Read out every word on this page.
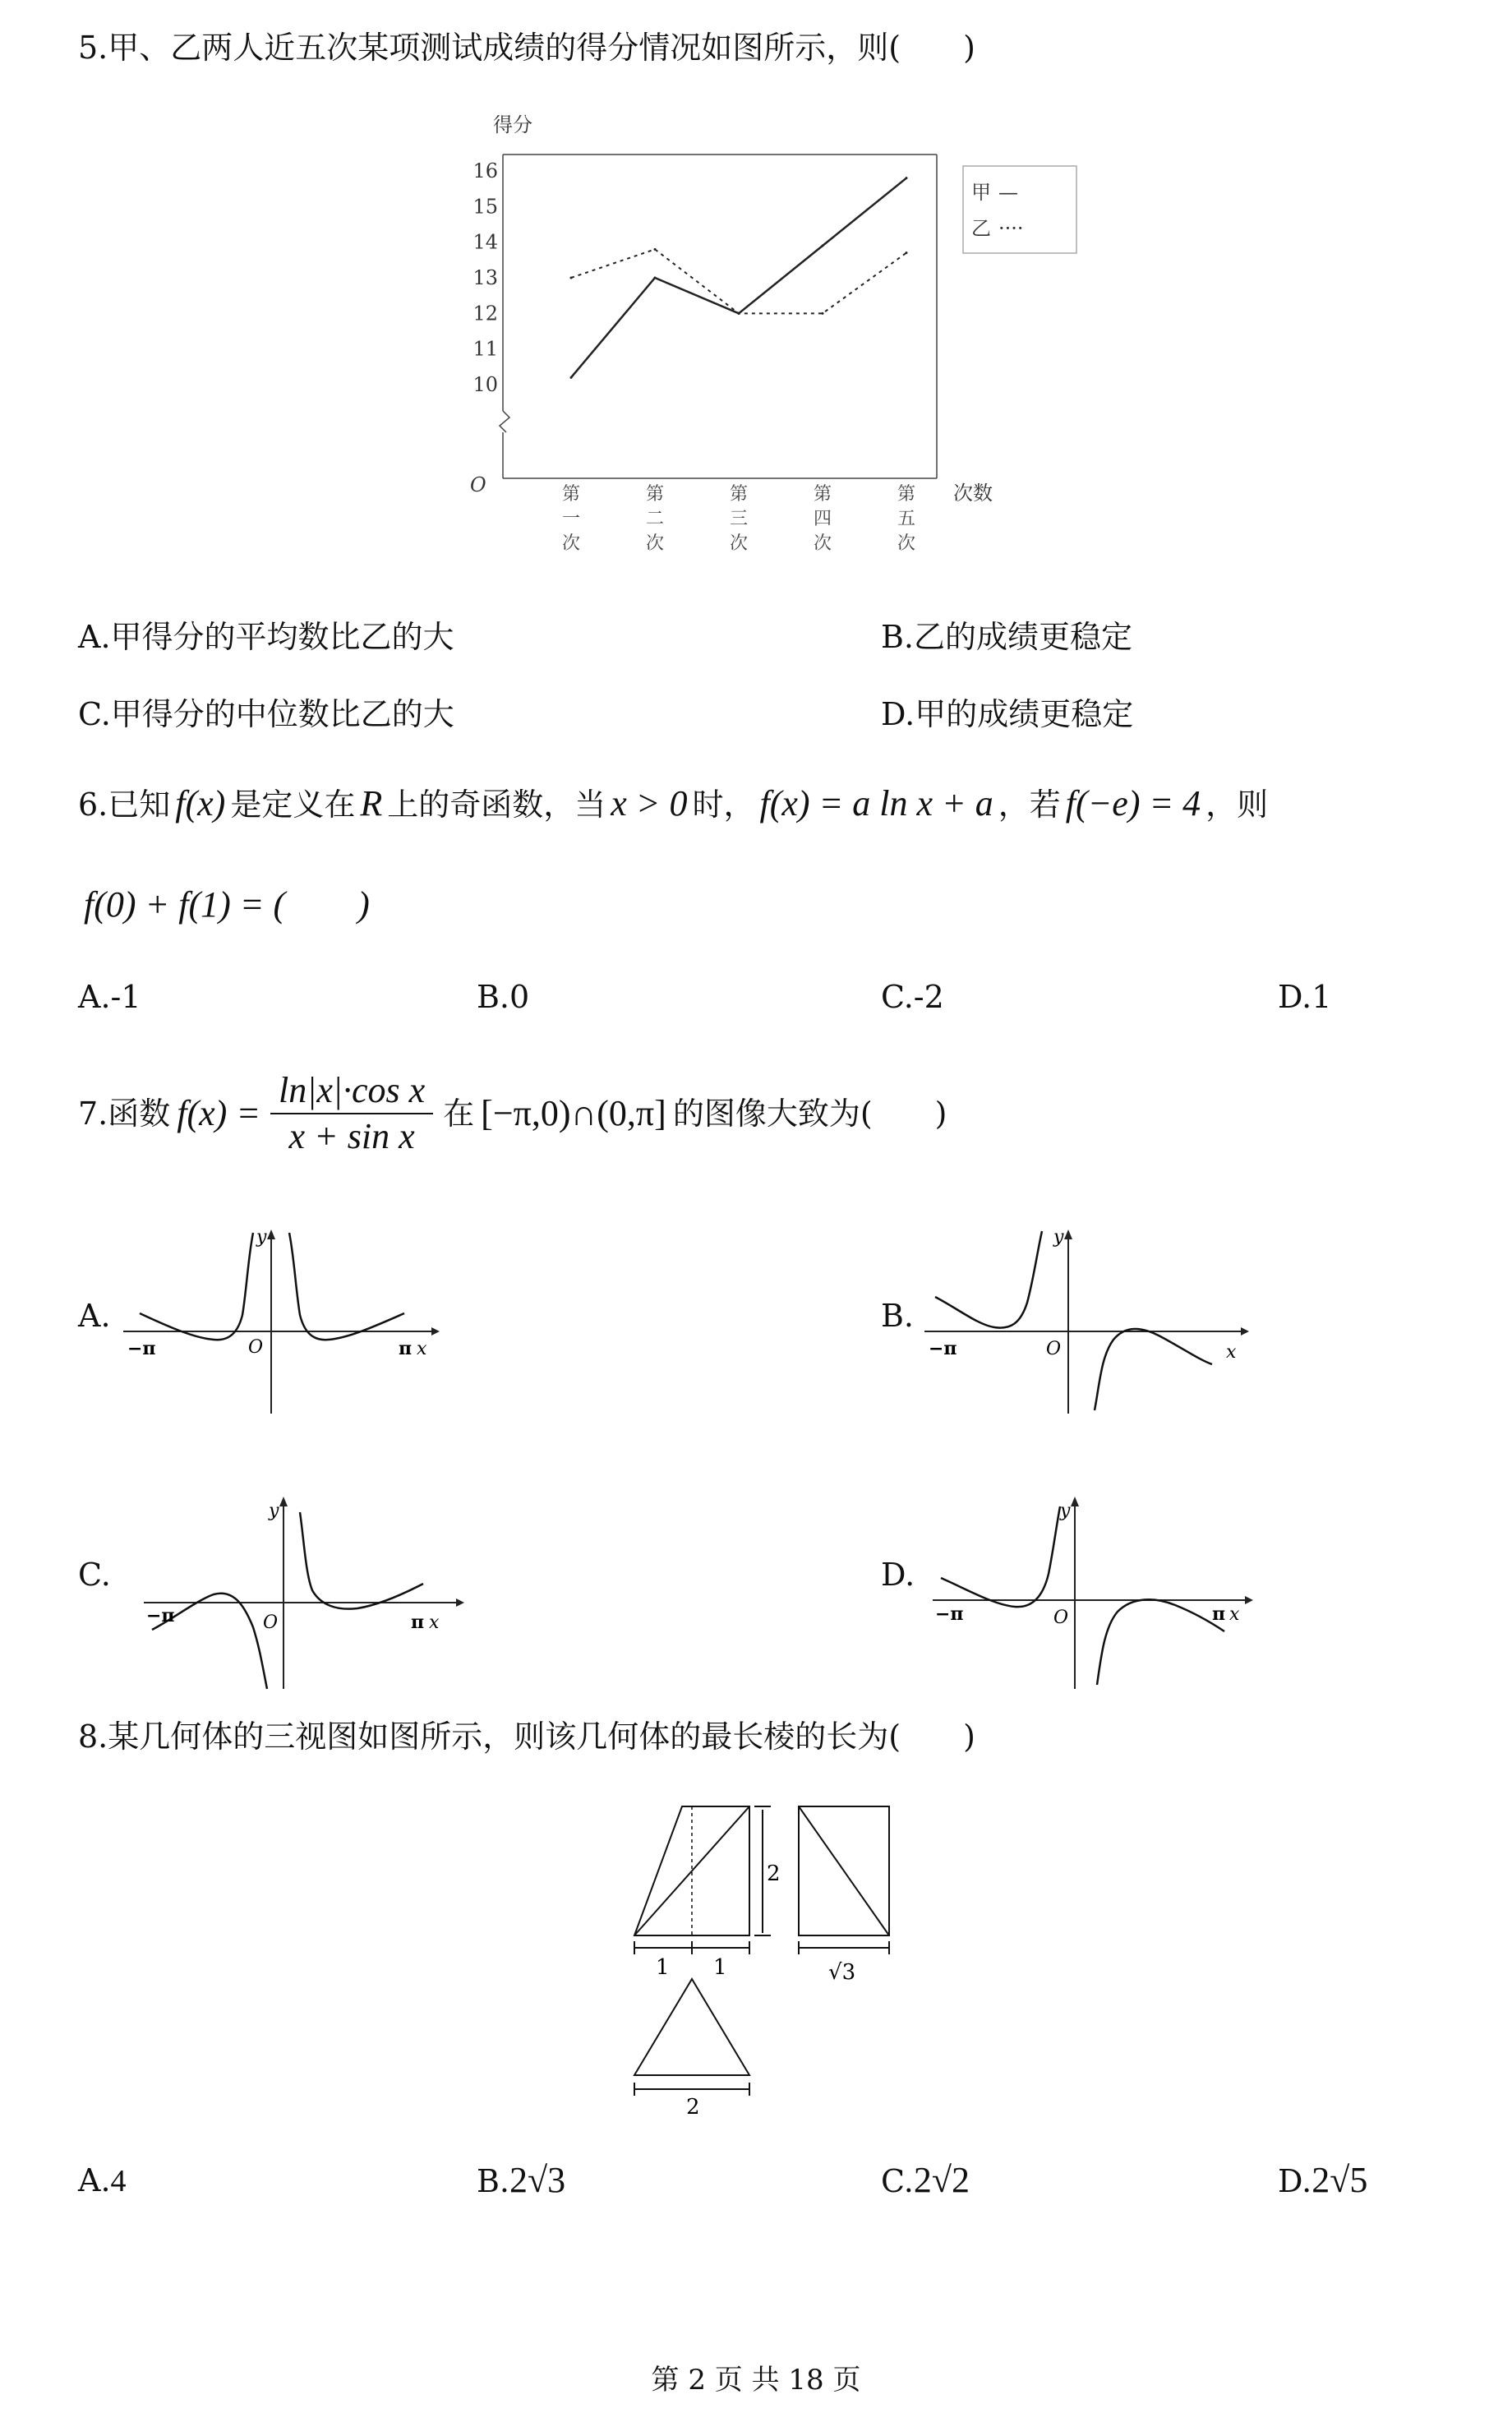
5.甲、乙两人近五次某项测试成绩的得分情况如图所示，则(　　)
得分
O
10
11
12
13
14
15
16
第
一
次
第
二
次
第
三
次
第
四
次
第
五
次
次数
甲 —
乙 ····
A.甲得分的平均数比乙的大	B.乙的成绩更稳定
C.甲得分的中位数比乙的大	D.甲的成绩更稳定
6.已知 f(x) 是定义在 R 上的奇函数，当 x > 0 时， f(x) = a ln x + a ，若 f(−e) = 4 ，则
f(0) + f(1) = (　　)
A.-1	B.0	C.-2	D.1
7.函数 $f(x) = \frac{\text{ln|x|·cos x}}{\text{x + sin x}}$ 在 [−π,0)∩(0,π] 的图像大致为(　　)
A.
−π	O	π x
y
B.
−π	O	x
y
C.
−π	O	π x
y
D.
−π	O	π x
y
8.某几何体的三视图如图所示，则该几何体的最长棱的长为(　　)
2
1 1	√3
2
A.4	B.2√3	C.2√2	D.2√5
第 2 页 共 18 页
